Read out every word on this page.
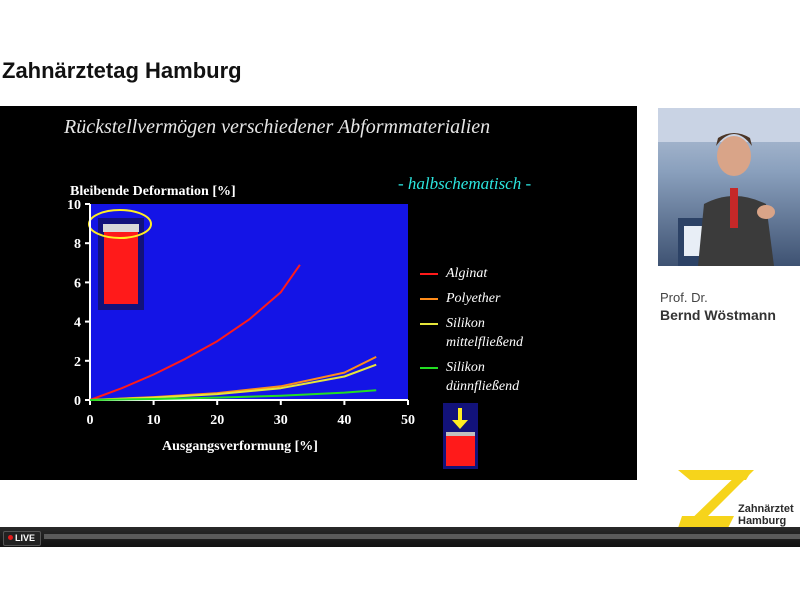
Zahnärztetag Hamburg
Rückstellvermögen verschiedener Abformmaterialien
- halbschematisch -
Bleibende Deformation [%]
Ausgangsverformung [%]
0	10	20	30	40	50
0
2
4
6
8
10
Alginat
Polyether
Silikon mittelfließend
Silikon dünnfließend
Prof. Dr.
Bernd Wöstmann
Zahnärztet
Hamburg
LIVE
